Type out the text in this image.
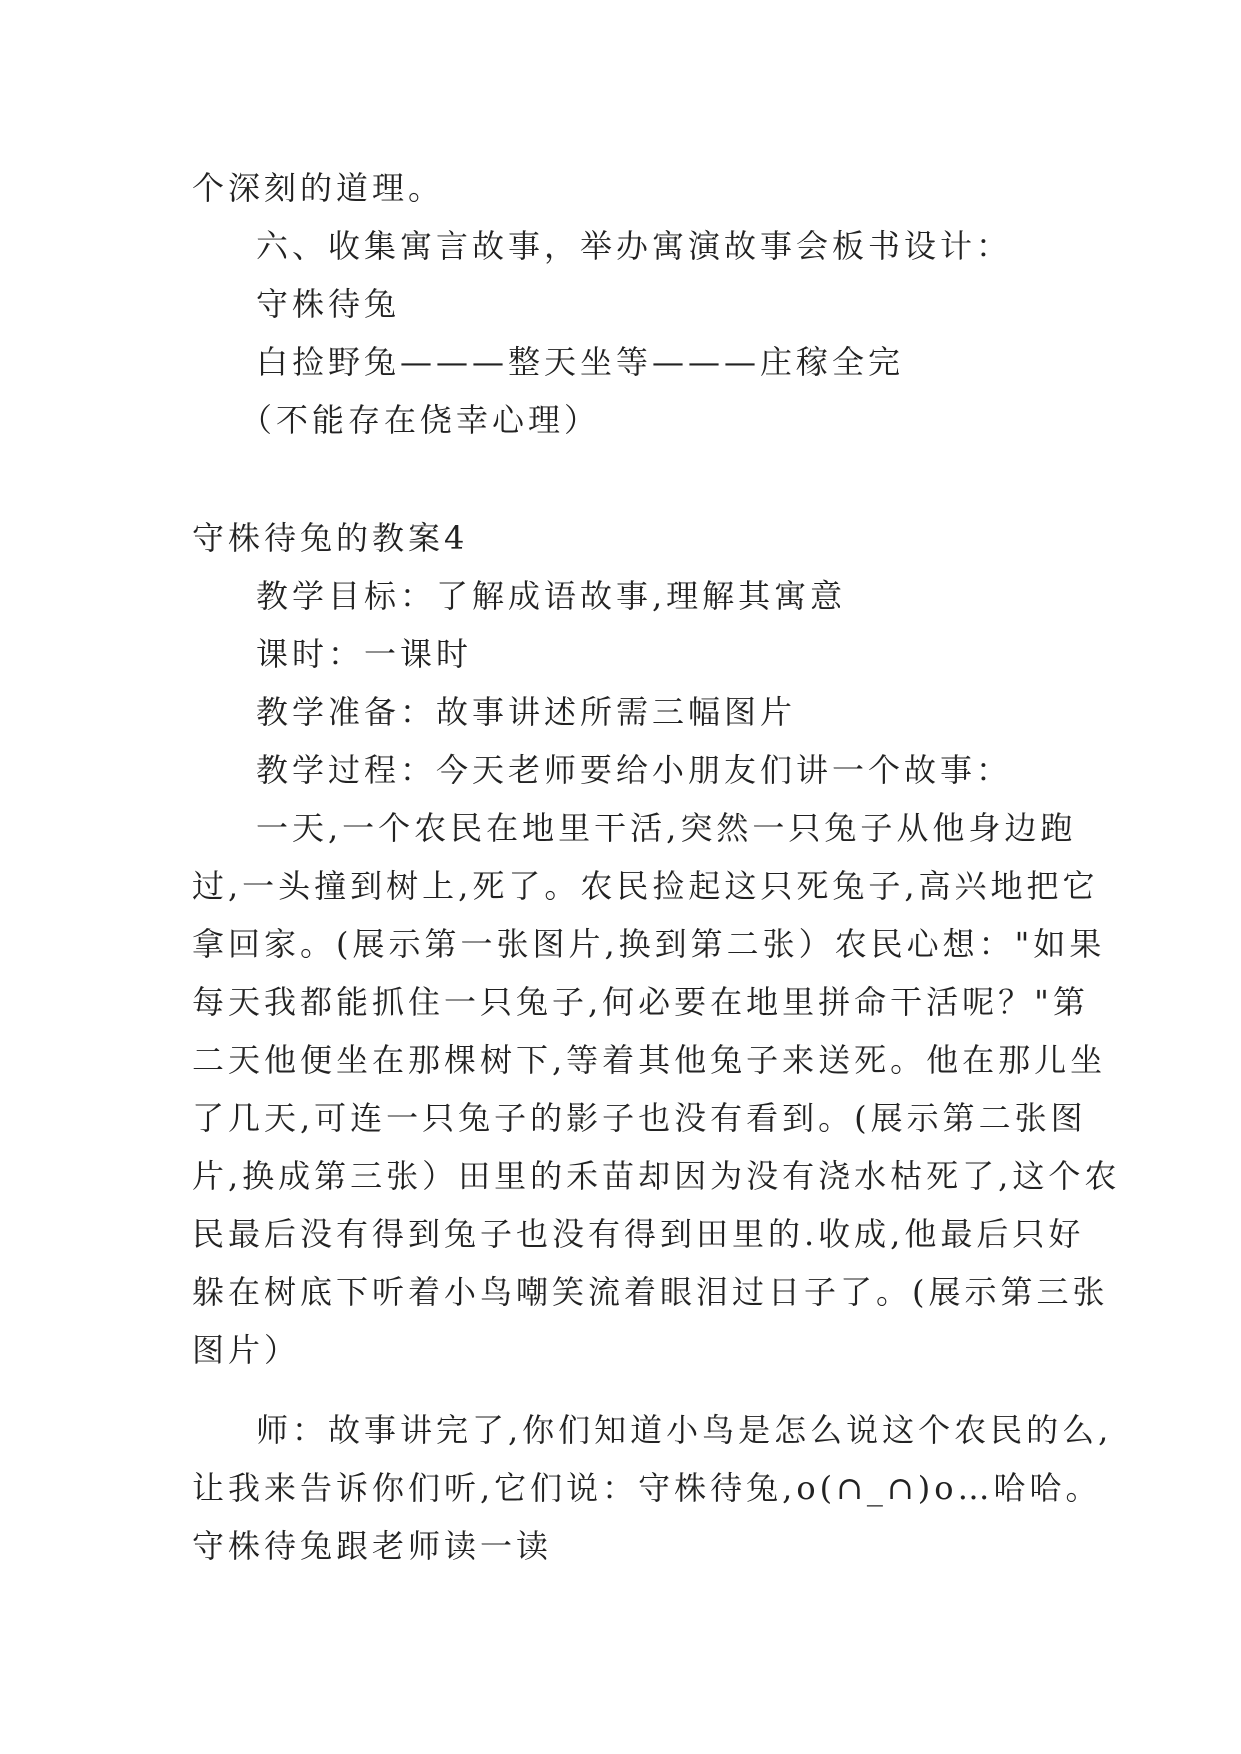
个深刻的道理。
六、收集寓言故事，举办寓演故事会板书设计：
守株待兔
白捡野兔———整天坐等———庄稼全完
（不能存在侥幸心理）
守株待兔的教案4
教学目标：了解成语故事,理解其寓意
课时：一课时
教学准备：故事讲述所需三幅图片
教学过程：今天老师要给小朋友们讲一个故事：
一天,一个农民在地里干活,突然一只兔子从他身边跑
过,一头撞到树上,死了。农民捡起这只死兔子,高兴地把它
拿回家。(展示第一张图片,换到第二张）农民心想："如果
每天我都能抓住一只兔子,何必要在地里拼命干活呢？"第
二天他便坐在那棵树下,等着其他兔子来送死。他在那儿坐
了几天,可连一只兔子的影子也没有看到。(展示第二张图
片,换成第三张）田里的禾苗却因为没有浇水枯死了,这个农
民最后没有得到兔子也没有得到田里的.收成,他最后只好
躲在树底下听着小鸟嘲笑流着眼泪过日子了。(展示第三张
图片）
师：故事讲完了,你们知道小鸟是怎么说这个农民的么,
让我来告诉你们听,它们说：守株待兔,o(∩_∩)o…哈哈。
守株待兔跟老师读一读
